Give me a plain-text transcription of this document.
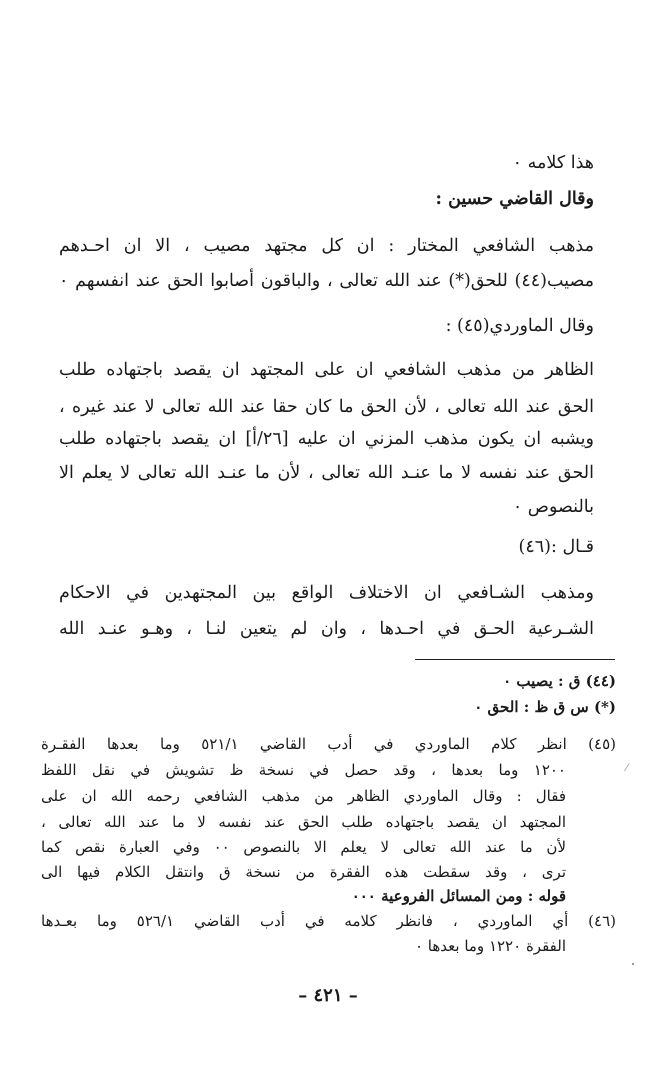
هذا كلامه ٠
وقال القاضي حسين :
مذهب الشافعي المختار : ان كل مجتهد مصيب ، الا ان احـدهم
مصيب(٤٤) للحق(*) عند الله تعالى ، والباقون أصابوا الحق عند انفسهم ٠
وقال الماوردي(٤٥) :
الظاهر من مذهب الشافعي ان على المجتهد ان يقصد باجتهاده طلب
الحق عند الله تعالى ، لأن الحق ما كان حقا عند الله تعالى لا عند غيره ،
ويشبه ان يكون مذهب المزني ان عليه [٢٦/أ] ان يقصد باجتهاده طلب
الحق عند نفسه لا ما عنـد الله تعالى ، لأن ما عنـد الله تعالى لا يعلم الا
بالنصوص ٠
قـال :(٤٦)
ومذهب الشـافعي ان الاختلاف الواقع بين المجتهدين في الاحكام
الشـرعية الحـق في احـدها ، وان لم يتعين لنـا ، وهـو عنـد الله
(٤٤) ق : يصيب ٠
(*) س ق ظ : الحق ٠
(٤٥) انظر كلام الماوردي في أدب القاضي ٥٢١/١ وما بعدها الفقـرة
١٢٠٠ وما بعدها ، وقد حصل في نسخة ظ تشويش في نقل اللفظ
فقال : وقال الماوردي الظاهر من مذهب الشافعي رحمه الله ان على
المجتهد ان يقصد باجتهاده طلب الحق عند نفسه لا ما عند الله تعالى ،
لأن ما عند الله تعالى لا يعلم الا بالنصوص ٠٠ وفي العبارة نقص كما
ترى ، وقد سقطت هذه الفقرة من نسخة ق وانتقل الكلام فيها الى
قوله : ومن المسائل الفروعية ٠٠٠
(٤٦) أي الماوردي ، فانظر كلامه في أدب القاضي ٥٢٦/١ وما بعـدها
الفقرة ١٢٢٠ وما بعدها ٠
– ٤٢١ –
⁄
